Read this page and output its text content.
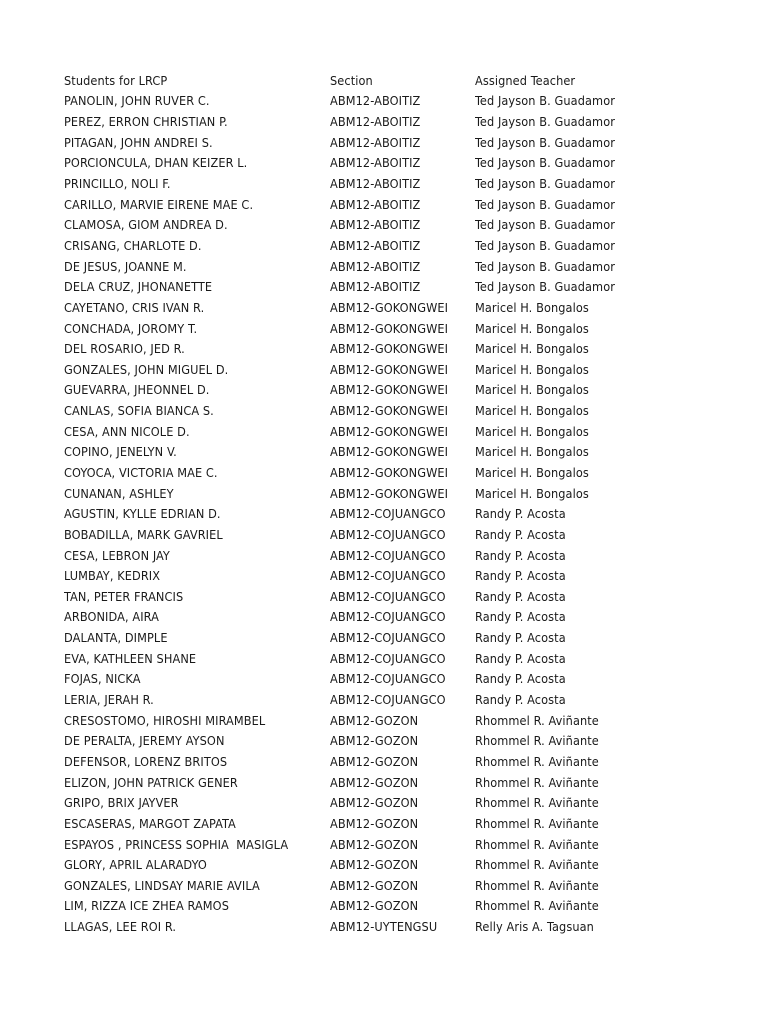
Students for LRCP	Section	Assigned Teacher
PANOLIN, JOHN RUVER C.	ABM12-ABOITIZ	Ted Jayson B. Guadamor
PEREZ, ERRON CHRISTIAN P.	ABM12-ABOITIZ	Ted Jayson B. Guadamor
PITAGAN, JOHN ANDREI S.	ABM12-ABOITIZ	Ted Jayson B. Guadamor
PORCIONCULA, DHAN KEIZER L.	ABM12-ABOITIZ	Ted Jayson B. Guadamor
PRINCILLO, NOLI F.	ABM12-ABOITIZ	Ted Jayson B. Guadamor
CARILLO, MARVIE EIRENE MAE C.	ABM12-ABOITIZ	Ted Jayson B. Guadamor
CLAMOSA, GIOM ANDREA D.	ABM12-ABOITIZ	Ted Jayson B. Guadamor
CRISANG, CHARLOTE D.	ABM12-ABOITIZ	Ted Jayson B. Guadamor
DE JESUS, JOANNE M.	ABM12-ABOITIZ	Ted Jayson B. Guadamor
DELA CRUZ, JHONANETTE	ABM12-ABOITIZ	Ted Jayson B. Guadamor
CAYETANO, CRIS IVAN R.	ABM12-GOKONGWEI	Maricel H. Bongalos
CONCHADA, JOROMY T.	ABM12-GOKONGWEI	Maricel H. Bongalos
DEL ROSARIO, JED R.	ABM12-GOKONGWEI	Maricel H. Bongalos
GONZALES, JOHN MIGUEL D.	ABM12-GOKONGWEI	Maricel H. Bongalos
GUEVARRA, JHEONNEL D.	ABM12-GOKONGWEI	Maricel H. Bongalos
CANLAS, SOFIA BIANCA S.	ABM12-GOKONGWEI	Maricel H. Bongalos
CESA, ANN NICOLE D.	ABM12-GOKONGWEI	Maricel H. Bongalos
COPINO, JENELYN V.	ABM12-GOKONGWEI	Maricel H. Bongalos
COYOCA, VICTORIA MAE C.	ABM12-GOKONGWEI	Maricel H. Bongalos
CUNANAN, ASHLEY	ABM12-GOKONGWEI	Maricel H. Bongalos
AGUSTIN, KYLLE EDRIAN D.	ABM12-COJUANGCO	Randy P. Acosta
BOBADILLA, MARK GAVRIEL	ABM12-COJUANGCO	Randy P. Acosta
CESA, LEBRON JAY	ABM12-COJUANGCO	Randy P. Acosta
LUMBAY, KEDRIX	ABM12-COJUANGCO	Randy P. Acosta
TAN, PETER FRANCIS	ABM12-COJUANGCO	Randy P. Acosta
ARBONIDA, AIRA	ABM12-COJUANGCO	Randy P. Acosta
DALANTA, DIMPLE	ABM12-COJUANGCO	Randy P. Acosta
EVA, KATHLEEN SHANE	ABM12-COJUANGCO	Randy P. Acosta
FOJAS, NICKA	ABM12-COJUANGCO	Randy P. Acosta
LERIA, JERAH R.	ABM12-COJUANGCO	Randy P. Acosta
CRESOSTOMO, HIROSHI MIRAMBEL	ABM12-GOZON	Rhommel R. Aviñante
DE PERALTA, JEREMY AYSON	ABM12-GOZON	Rhommel R. Aviñante
DEFENSOR, LORENZ BRITOS	ABM12-GOZON	Rhommel R. Aviñante
ELIZON, JOHN PATRICK GENER	ABM12-GOZON	Rhommel R. Aviñante
GRIPO, BRIX JAYVER	ABM12-GOZON	Rhommel R. Aviñante
ESCASERAS, MARGOT ZAPATA	ABM12-GOZON	Rhommel R. Aviñante
ESPAYOS , PRINCESS SOPHIA  MASIGLA	ABM12-GOZON	Rhommel R. Aviñante
GLORY, APRIL ALARADYO	ABM12-GOZON	Rhommel R. Aviñante
GONZALES, LINDSAY MARIE AVILA	ABM12-GOZON	Rhommel R. Aviñante
LIM, RIZZA ICE ZHEA RAMOS	ABM12-GOZON	Rhommel R. Aviñante
LLAGAS, LEE ROI R.	ABM12-UYTENGSU	Relly Aris A. Tagsuan
